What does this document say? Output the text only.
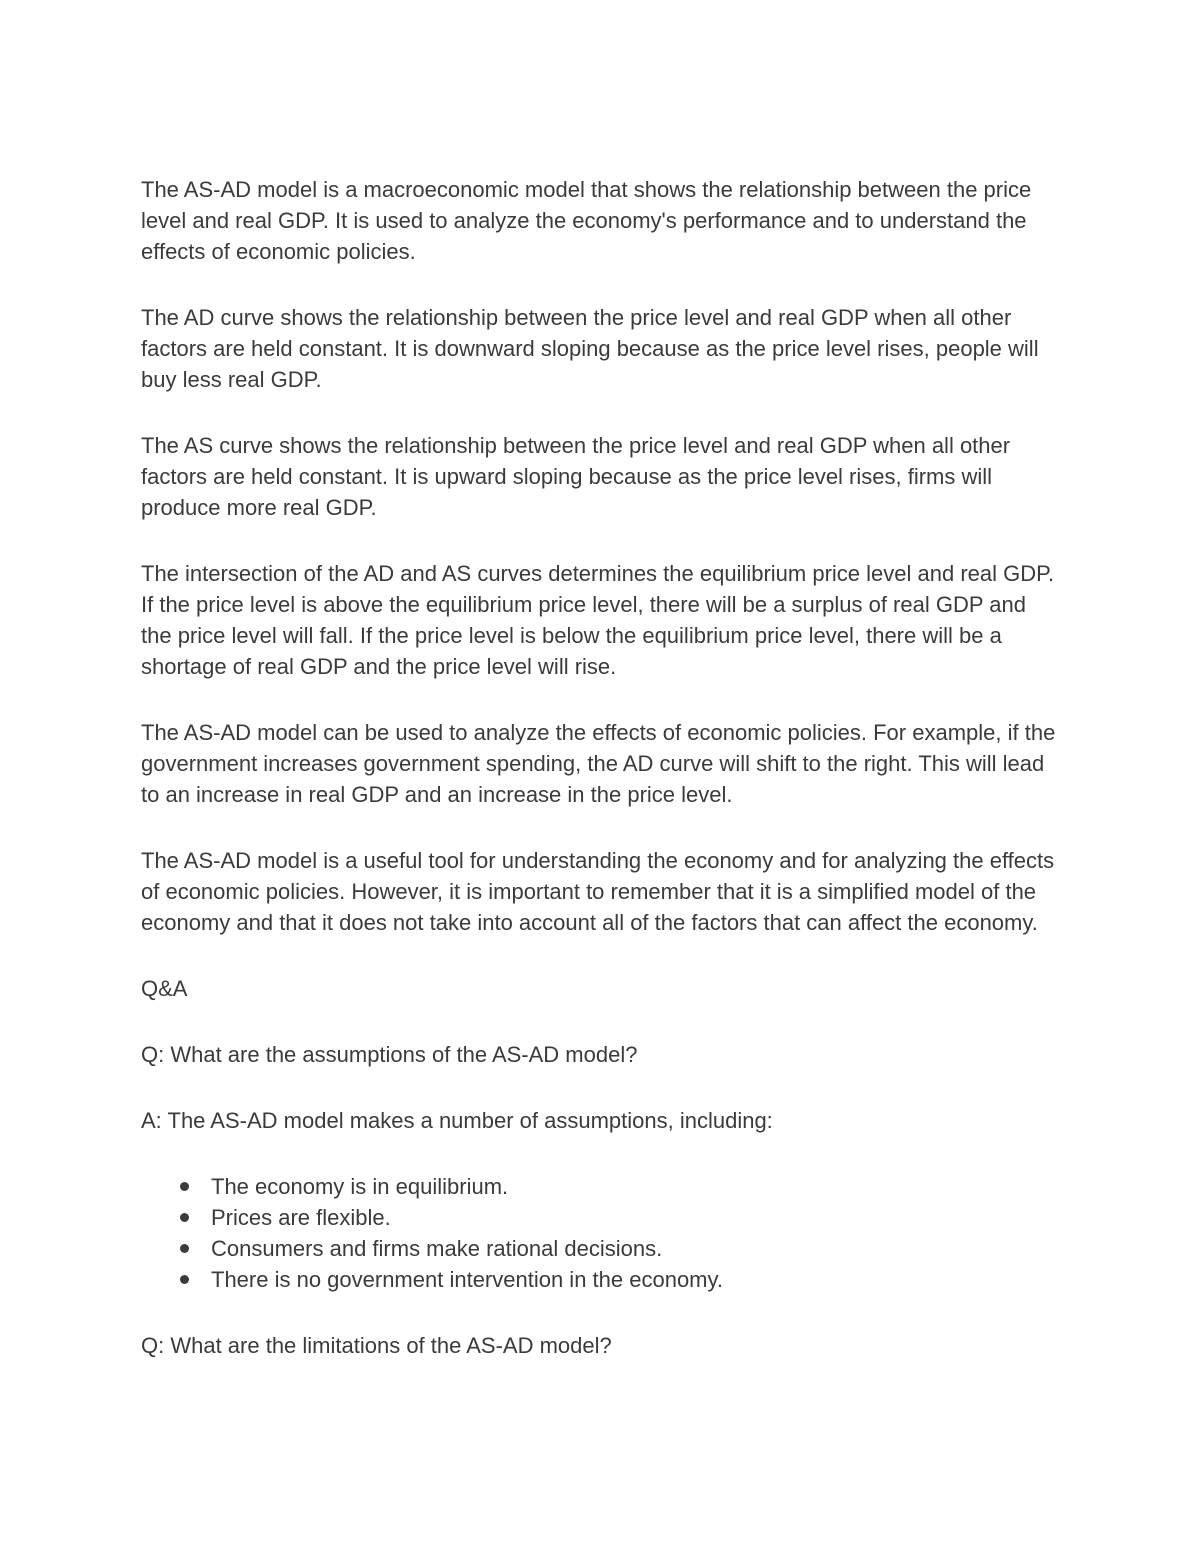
The AS-AD model is a macroeconomic model that shows the relationship between the price level and real GDP. It is used to analyze the economy's performance and to understand the effects of economic policies.

The AD curve shows the relationship between the price level and real GDP when all other factors are held constant. It is downward sloping because as the price level rises, people will buy less real GDP.

The AS curve shows the relationship between the price level and real GDP when all other factors are held constant. It is upward sloping because as the price level rises, firms will produce more real GDP.

The intersection of the AD and AS curves determines the equilibrium price level and real GDP. If the price level is above the equilibrium price level, there will be a surplus of real GDP and the price level will fall. If the price level is below the equilibrium price level, there will be a shortage of real GDP and the price level will rise.

The AS-AD model can be used to analyze the effects of economic policies. For example, if the government increases government spending, the AD curve will shift to the right. This will lead to an increase in real GDP and an increase in the price level.

The AS-AD model is a useful tool for understanding the economy and for analyzing the effects of economic policies. However, it is important to remember that it is a simplified model of the economy and that it does not take into account all of the factors that can affect the economy.

Q&A
Q: What are the assumptions of the AS-AD model?
A: The AS-AD model makes a number of assumptions, including:
The economy is in equilibrium.
Prices are flexible.
Consumers and firms make rational decisions.
There is no government intervention in the economy.
Q: What are the limitations of the AS-AD model?
